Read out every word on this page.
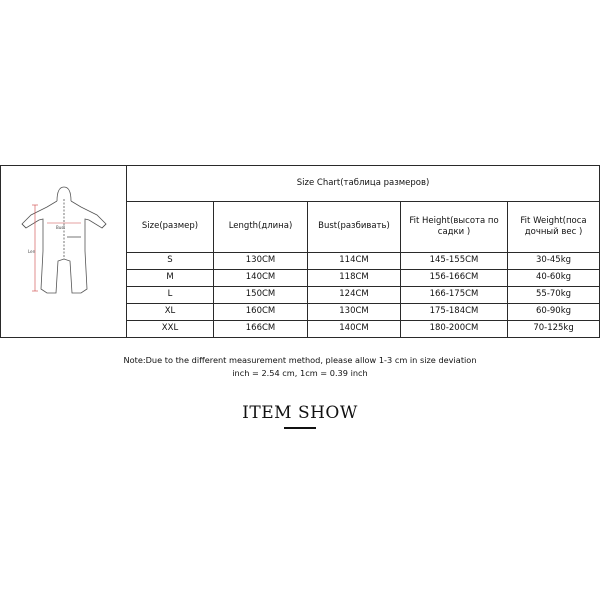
Len
Bust	Size Chart(таблица размеров)				
	Size(размер)	Length(длина)	Bust(разбивать)	Fit Height(высота по садки )	Fit Weight(поса дочный вес )
	S	130CM	114CM	145-155CM	30-45kg
	M	140CM	118CM	156-166CM	40-60kg
	L	150CM	124CM	166-175CM	55-70kg
	XL	160CM	130CM	175-184CM	60-90kg
	XXL	166CM	140CM	180-200CM	70-125kg
Note:Due to the different measurement method, please allow 1-3 cm in size deviation
inch = 2.54 cm, 1cm = 0.39 inch
ITEM SHOW
